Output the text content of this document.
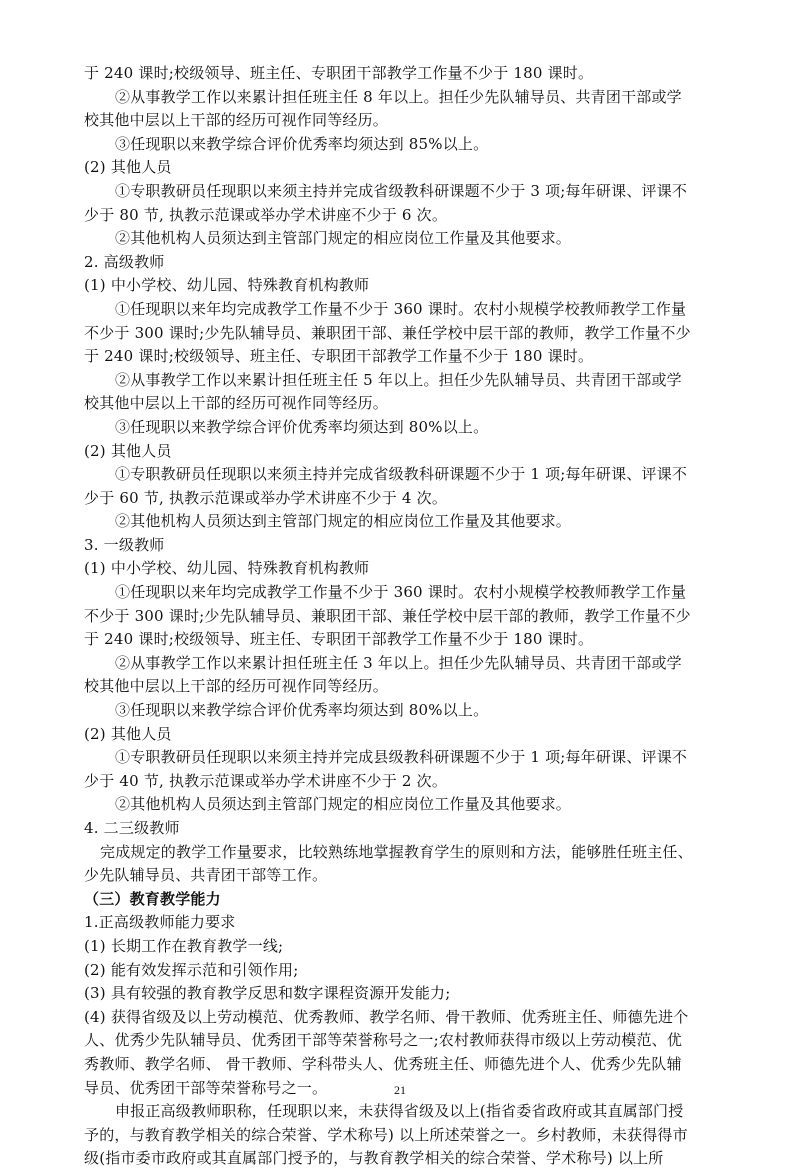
于 240 课时;校级领导、班主任、专职团干部教学工作量不少于 180 课时。
②从事教学工作以来累计担任班主任 8 年以上。担任少先队辅导员、共青团干部或学
校其他中层以上干部的经历可视作同等经历。
③任现职以来教学综合评价优秀率均须达到 85%以上。
(2) 其他人员
①专职教研员任现职以来须主持并完成省级教科研课题不少于 3 项;每年研课、评课不
少于 80 节, 执教示范课或举办学术讲座不少于 6 次。
②其他机构人员须达到主管部门规定的相应岗位工作量及其他要求。
2. 高级教师
(1) 中小学校、幼儿园、特殊教育机构教师
①任现职以来年均完成教学工作量不少于 360 课时。农村小规模学校教师教学工作量
不少于 300 课时;少先队辅导员、兼职团干部、兼任学校中层干部的教师，教学工作量不少
于 240 课时;校级领导、班主任、专职团干部教学工作量不少于 180 课时。
②从事教学工作以来累计担任班主任 5 年以上。担任少先队辅导员、共青团干部或学
校其他中层以上干部的经历可视作同等经历。
③任现职以来教学综合评价优秀率均须达到 80%以上。
(2) 其他人员
①专职教研员任现职以来须主持并完成省级教科研课题不少于 1 项;每年研课、评课不
少于 60 节, 执教示范课或举办学术讲座不少于 4 次。
②其他机构人员须达到主管部门规定的相应岗位工作量及其他要求。
3. 一级教师
(1) 中小学校、幼儿园、特殊教育机构教师
①任现职以来年均完成教学工作量不少于 360 课时。农村小规模学校教师教学工作量
不少于 300 课时;少先队辅导员、兼职团干部、兼任学校中层干部的教师，教学工作量不少
于 240 课时;校级领导、班主任、专职团干部教学工作量不少于 180 课时。
②从事教学工作以来累计担任班主任 3 年以上。担任少先队辅导员、共青团干部或学
校其他中层以上干部的经历可视作同等经历。
③任现职以来教学综合评价优秀率均须达到 80%以上。
(2) 其他人员
①专职教研员任现职以来须主持并完成县级教科研课题不少于 1 项;每年研课、评课不
少于 40 节, 执教示范课或举办学术讲座不少于 2 次。
②其他机构人员须达到主管部门规定的相应岗位工作量及其他要求。
4. 二三级教师
完成规定的教学工作量要求，比较熟练地掌握教育学生的原则和方法，能够胜任班主任、
少先队辅导员、共青团干部等工作。
（三）教育教学能力
1.正高级教师能力要求
(1) 长期工作在教育教学一线;
(2) 能有效发挥示范和引领作用;
(3) 具有较强的教育教学反思和数字课程资源开发能力;
(4) 获得省级及以上劳动模范、优秀教师、教学名师、骨干教师、优秀班主任、师德先进个
人、优秀少先队辅导员、优秀团干部等荣誉称号之一;农村教师获得市级以上劳动模范、优
秀教师、教学名师、 骨干教师、学科带头人、优秀班主任、师德先进个人、优秀少先队辅
导员、优秀团干部等荣誉称号之一。
申报正高级教师职称，任现职以来，未获得省级及以上(指省委省政府或其直属部门授
予的，与教育教学相关的综合荣誉、学术称号) 以上所述荣誉之一。乡村教师，未获得得市
级(指市委市政府或其直属部门授予的，与教育教学相关的综合荣誉、学术称号) 以上所
21
